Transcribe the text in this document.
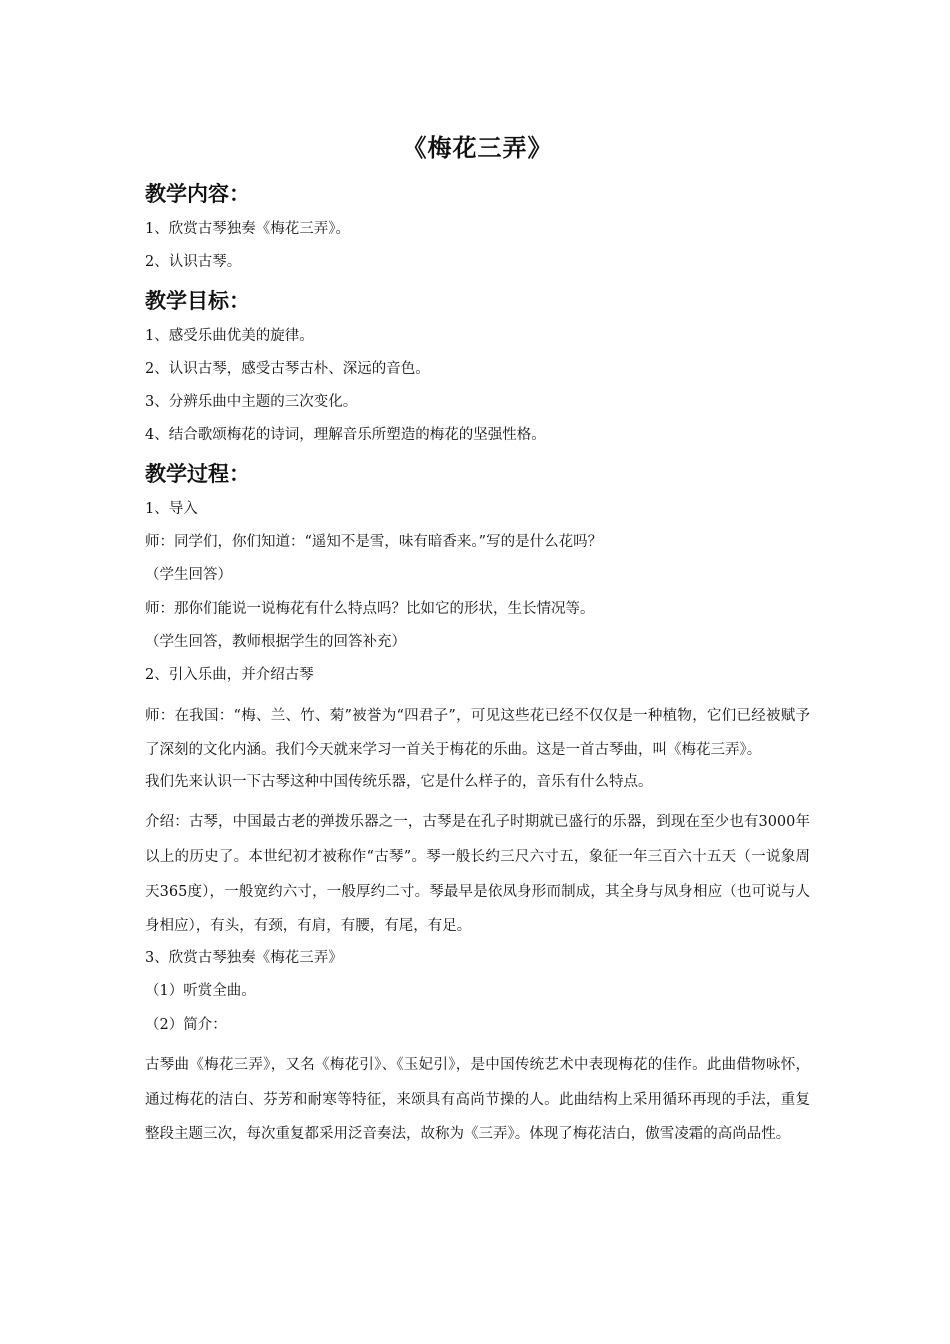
《梅花三弄》
教学内容：

1、欣赏古琴独奏《梅花三弄》。

2、认识古琴。

教学目标：

1、感受乐曲优美的旋律。

2、认识古琴，感受古琴古朴、深远的音色。

3、分辨乐曲中主题的三次变化。

4、结合歌颂梅花的诗词，理解音乐所塑造的梅花的坚强性格。

教学过程：

1、导入

师：同学们，你们知道：“遥知不是雪，味有暗香来。”写的是什么花吗？

（学生回答）

师：那你们能说一说梅花有什么特点吗？比如它的形状，生长情况等。

（学生回答，教师根据学生的回答补充）

2、引入乐曲，并介绍古琴

师：在我国：“梅、兰、竹、菊”被誉为“四君子”，可见这些花已经不仅仅是一种植物，它们已经被赋予了深刻的文化内涵。我们今天就来学习一首关于梅花的乐曲。这是一首古琴曲，叫《梅花三弄》。

我们先来认识一下古琴这种中国传统乐器，它是什么样子的，音乐有什么特点。

介绍：古琴，中国最古老的弹拨乐器之一，古琴是在孔子时期就已盛行的乐器，到现在至少也有3000年以上的历史了。本世纪初才被称作“古琴”。琴一般长约三尺六寸五，象征一年三百六十五天（一说象周天365度），一般宽约六寸，一般厚约二寸。琴最早是依凤身形而制成，其全身与凤身相应（也可说与人身相应），有头，有颈，有肩，有腰，有尾，有足。

3、欣赏古琴独奏《梅花三弄》

（1）听赏全曲。

（2）简介：

古琴曲《梅花三弄》，又名《梅花引》、《玉妃引》，是中国传统艺术中表现梅花的佳作。此曲借物咏怀，通过梅花的洁白、芬芳和耐寒等特征，来颂具有高尚节操的人。此曲结构上采用循环再现的手法，重复整段主题三次，每次重复都采用泛音奏法，故称为《三弄》。体现了梅花洁白，傲雪凌霜的高尚品性。
